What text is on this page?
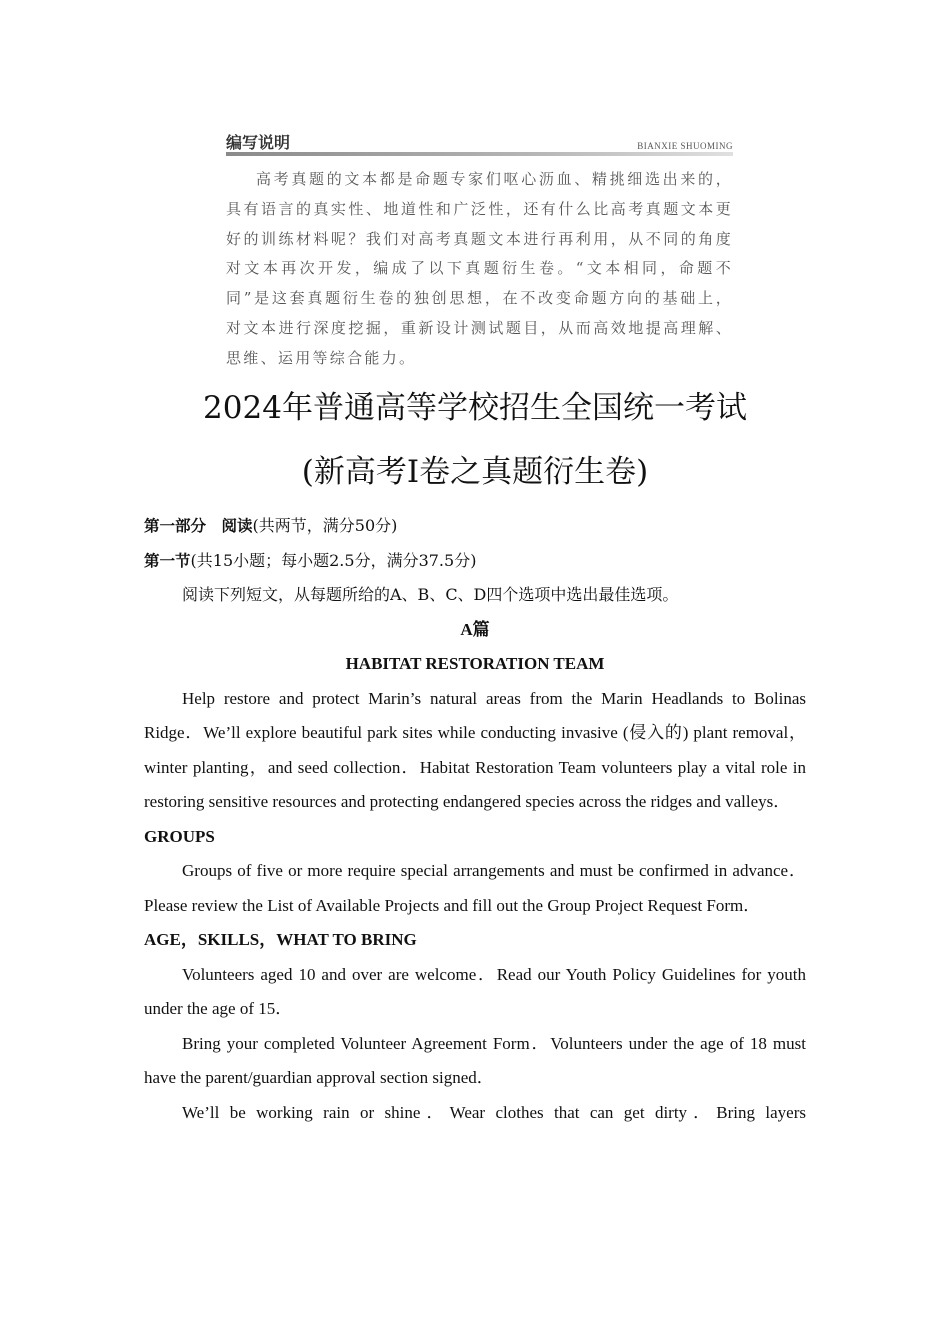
编写说明	BIANXIE SHUOMING

高考真题的文本都是命题专家们呕心沥血、精挑细选出来的，具有语言的真实性、地道性和广泛性，还有什么比高考真题文本更好的训练材料呢？我们对高考真题文本进行再利用，从不同的角度对文本再次开发，编成了以下真题衍生卷。“文本相同，命题不同”是这套真题衍生卷的独创思想，在不改变命题方向的基础上，对文本进行深度挖掘，重新设计测试题目，从而高效地提高理解、思维、运用等综合能力。

2024年普通高等学校招生全国统一考试
(新高考Ⅰ卷之真题衍生卷)

第一部分　阅读(共两节，满分50分)

第一节(共15小题；每小题2.5分，满分37.5分)

阅读下列短文，从每题所给的A、B、C、D四个选项中选出最佳选项。

A篇

HABITAT RESTORATION TEAM

Help restore and protect Marin’s natural areas from the Marin Headlands to Bolinas Ridge．We’ll explore beautiful park sites while conducting invasive (侵入的) plant removal，winter planting，and seed collection．Habitat Restoration Team volunteers play a vital role in restoring sensitive resources and protecting endangered species across the ridges and valleys．

GROUPS

Groups of five or more require special arrangements and must be confirmed in advance．Please review the List of Available Projects and fill out the Group Project Request Form．

AGE，SKILLS，WHAT TO BRING

Volunteers aged 10 and over are welcome．Read our Youth Policy Guidelines for youth under the age of 15．

Bring your completed Volunteer Agreement Form．Volunteers under the age of 18 must have the parent/guardian approval section signed．

We’ll be working rain or shine．Wear clothes that can get dirty．Bring layers
